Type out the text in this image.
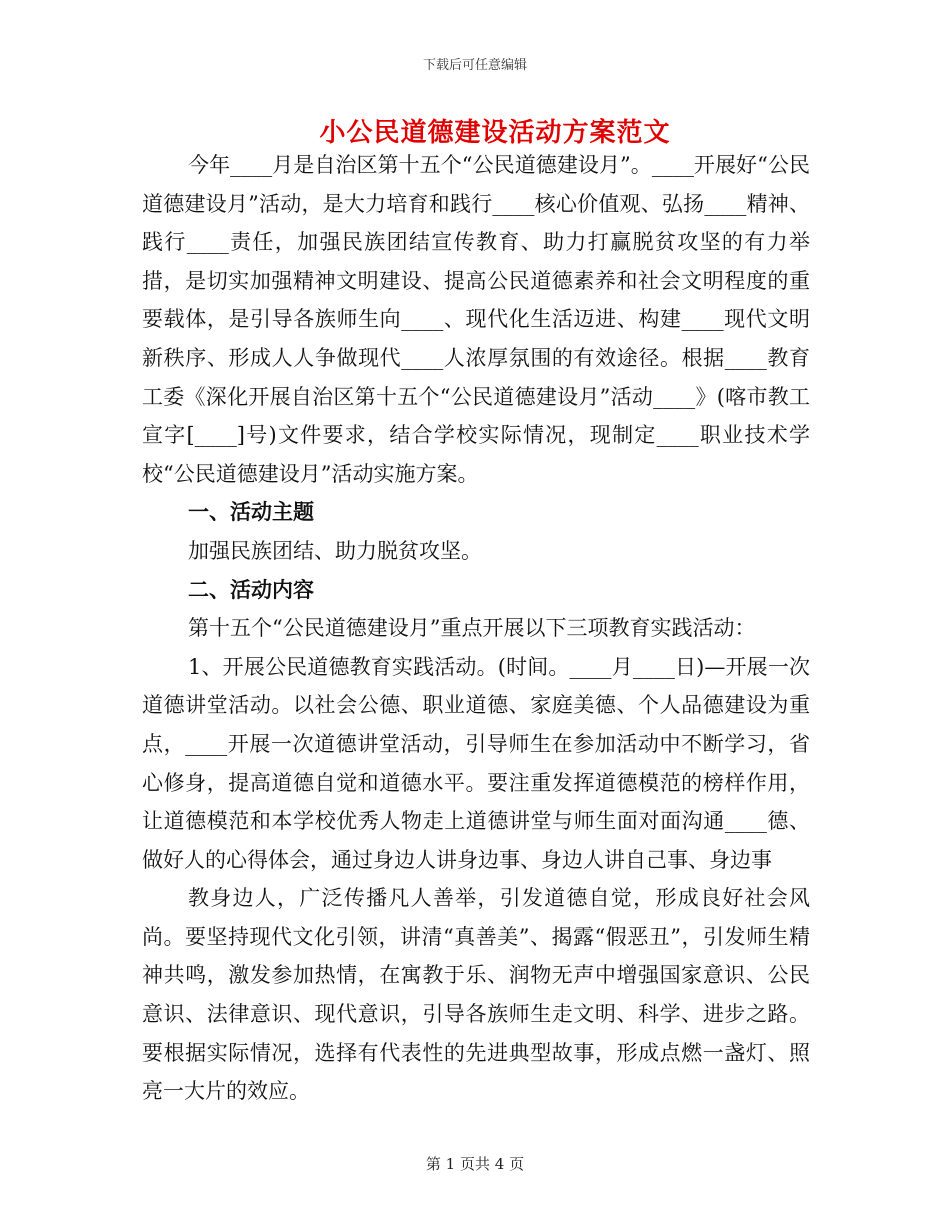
下载后可任意编辑
小公民道德建设活动方案范文

今年____月是自治区第十五个“公民道德建设月”。____开展好“公民道德建设月”活动，是大力培育和践行____核心价值观、弘扬____精神、践行____责任，加强民族团结宣传教育、助力打赢脱贫攻坚的有力举措，是切实加强精神文明建设、提高公民道德素养和社会文明程度的重要载体，是引导各族师生向____、现代化生活迈进、构建____现代文明新秩序、形成人人争做现代____人浓厚氛围的有效途径。根据____教育工委《深化开展自治区第十五个“公民道德建设月”活动____》(喀市教工宣字[____]号)文件要求，结合学校实际情况，现制定____职业技术学校“公民道德建设月”活动实施方案。

一、活动主题

加强民族团结、助力脱贫攻坚。

二、活动内容

第十五个“公民道德建设月”重点开展以下三项教育实践活动：

1、开展公民道德教育实践活动。(时间。____月____日)—开展一次道德讲堂活动。以社会公德、职业道德、家庭美德、个人品德建设为重点，____开展一次道德讲堂活动，引导师生在参加活动中不断学习，省心修身，提高道德自觉和道德水平。要注重发挥道德模范的榜样作用，让道德模范和本学校优秀人物走上道德讲堂与师生面对面沟通____德、做好人的心得体会，通过身边人讲身边事、身边人讲自己事、身边事

教身边人，广泛传播凡人善举，引发道德自觉，形成良好社会风尚。要坚持现代文化引领，讲清“真善美”、揭露“假恶丑”，引发师生精神共鸣，激发参加热情，在寓教于乐、润物无声中增强国家意识、公民意识、法律意识、现代意识，引导各族师生走文明、科学、进步之路。要根据实际情况，选择有代表性的先进典型故事，形成点燃一盏灯、照亮一大片的效应。

第 1 页共 4 页
